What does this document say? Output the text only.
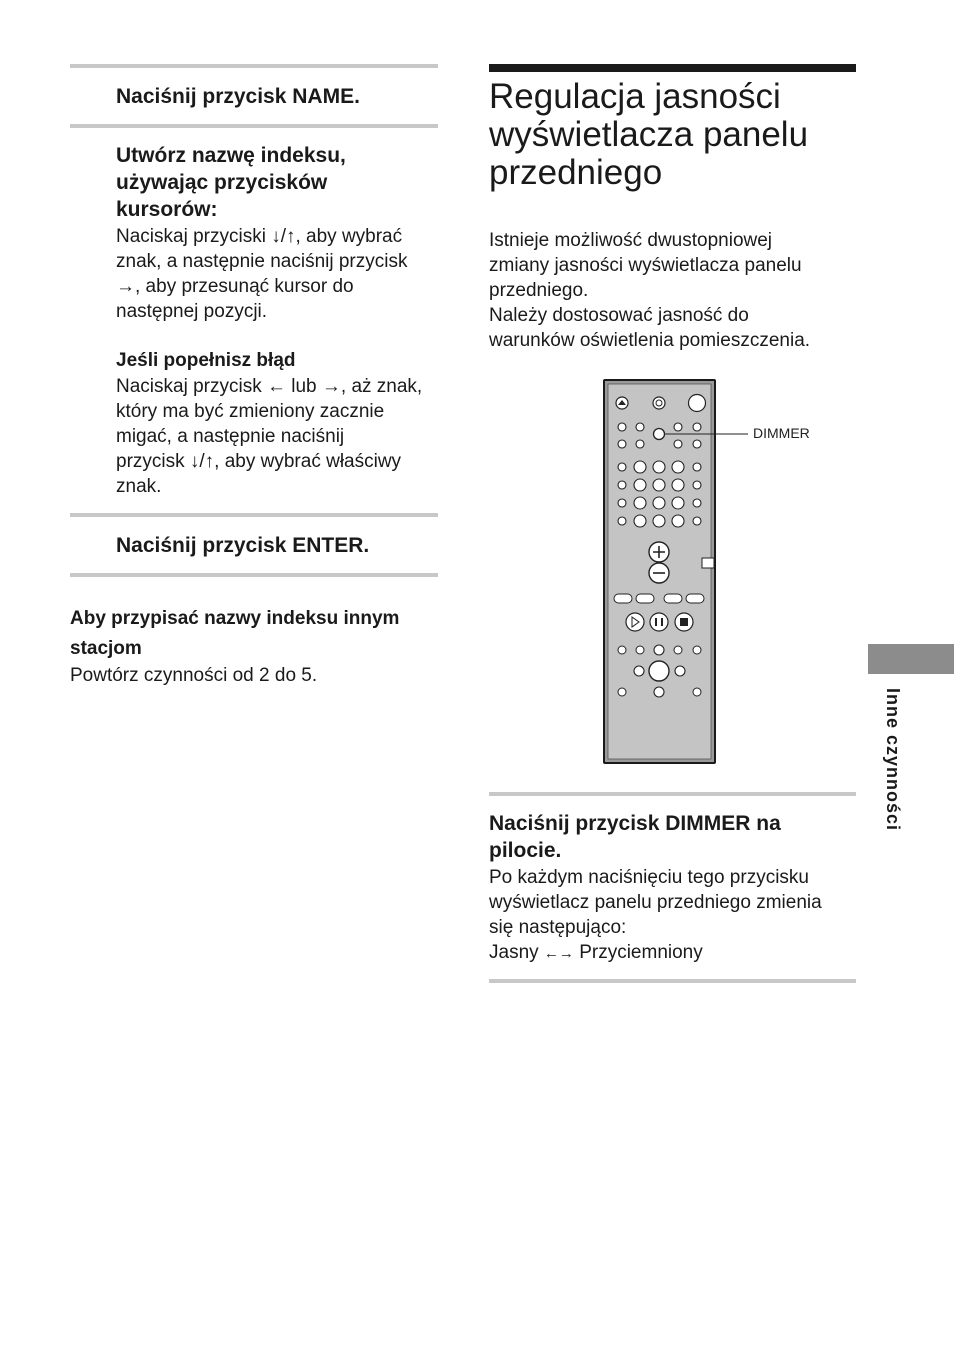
Naciśnij przycisk NAME.
Utwórz nazwę indeksu, używając przycisków kursorów:
Naciskaj przyciski ↓/↑, aby wybrać
znak, a następnie naciśnij przycisk
→, aby przesunąć kursor do
następnej pozycji.
Jeśli popełnisz błąd
Naciskaj przycisk ← lub →, aż znak,
który ma być zmieniony zacznie
migać, a następnie naciśnij
przycisk ↓/↑, aby wybrać właściwy
znak.
Naciśnij przycisk ENTER.
Aby przypisać nazwy indeksu innym
stacjom
Powtórz czynności od 2 do 5.
Regulacja jasności
wyświetlacza panelu
przedniego
Istnieje możliwość dwustopniowej
zmiany jasności wyświetlacza panelu
przedniego.
Należy dostosować jasność do
warunków oświetlenia pomieszczenia.
DIMMER
Naciśnij przycisk DIMMER na
pilocie.
Po każdym naciśnięciu tego przycisku
wyświetlacz panelu przedniego zmienia
się następująco:
Jasny ←→ Przyciemniony
Inne czynności
